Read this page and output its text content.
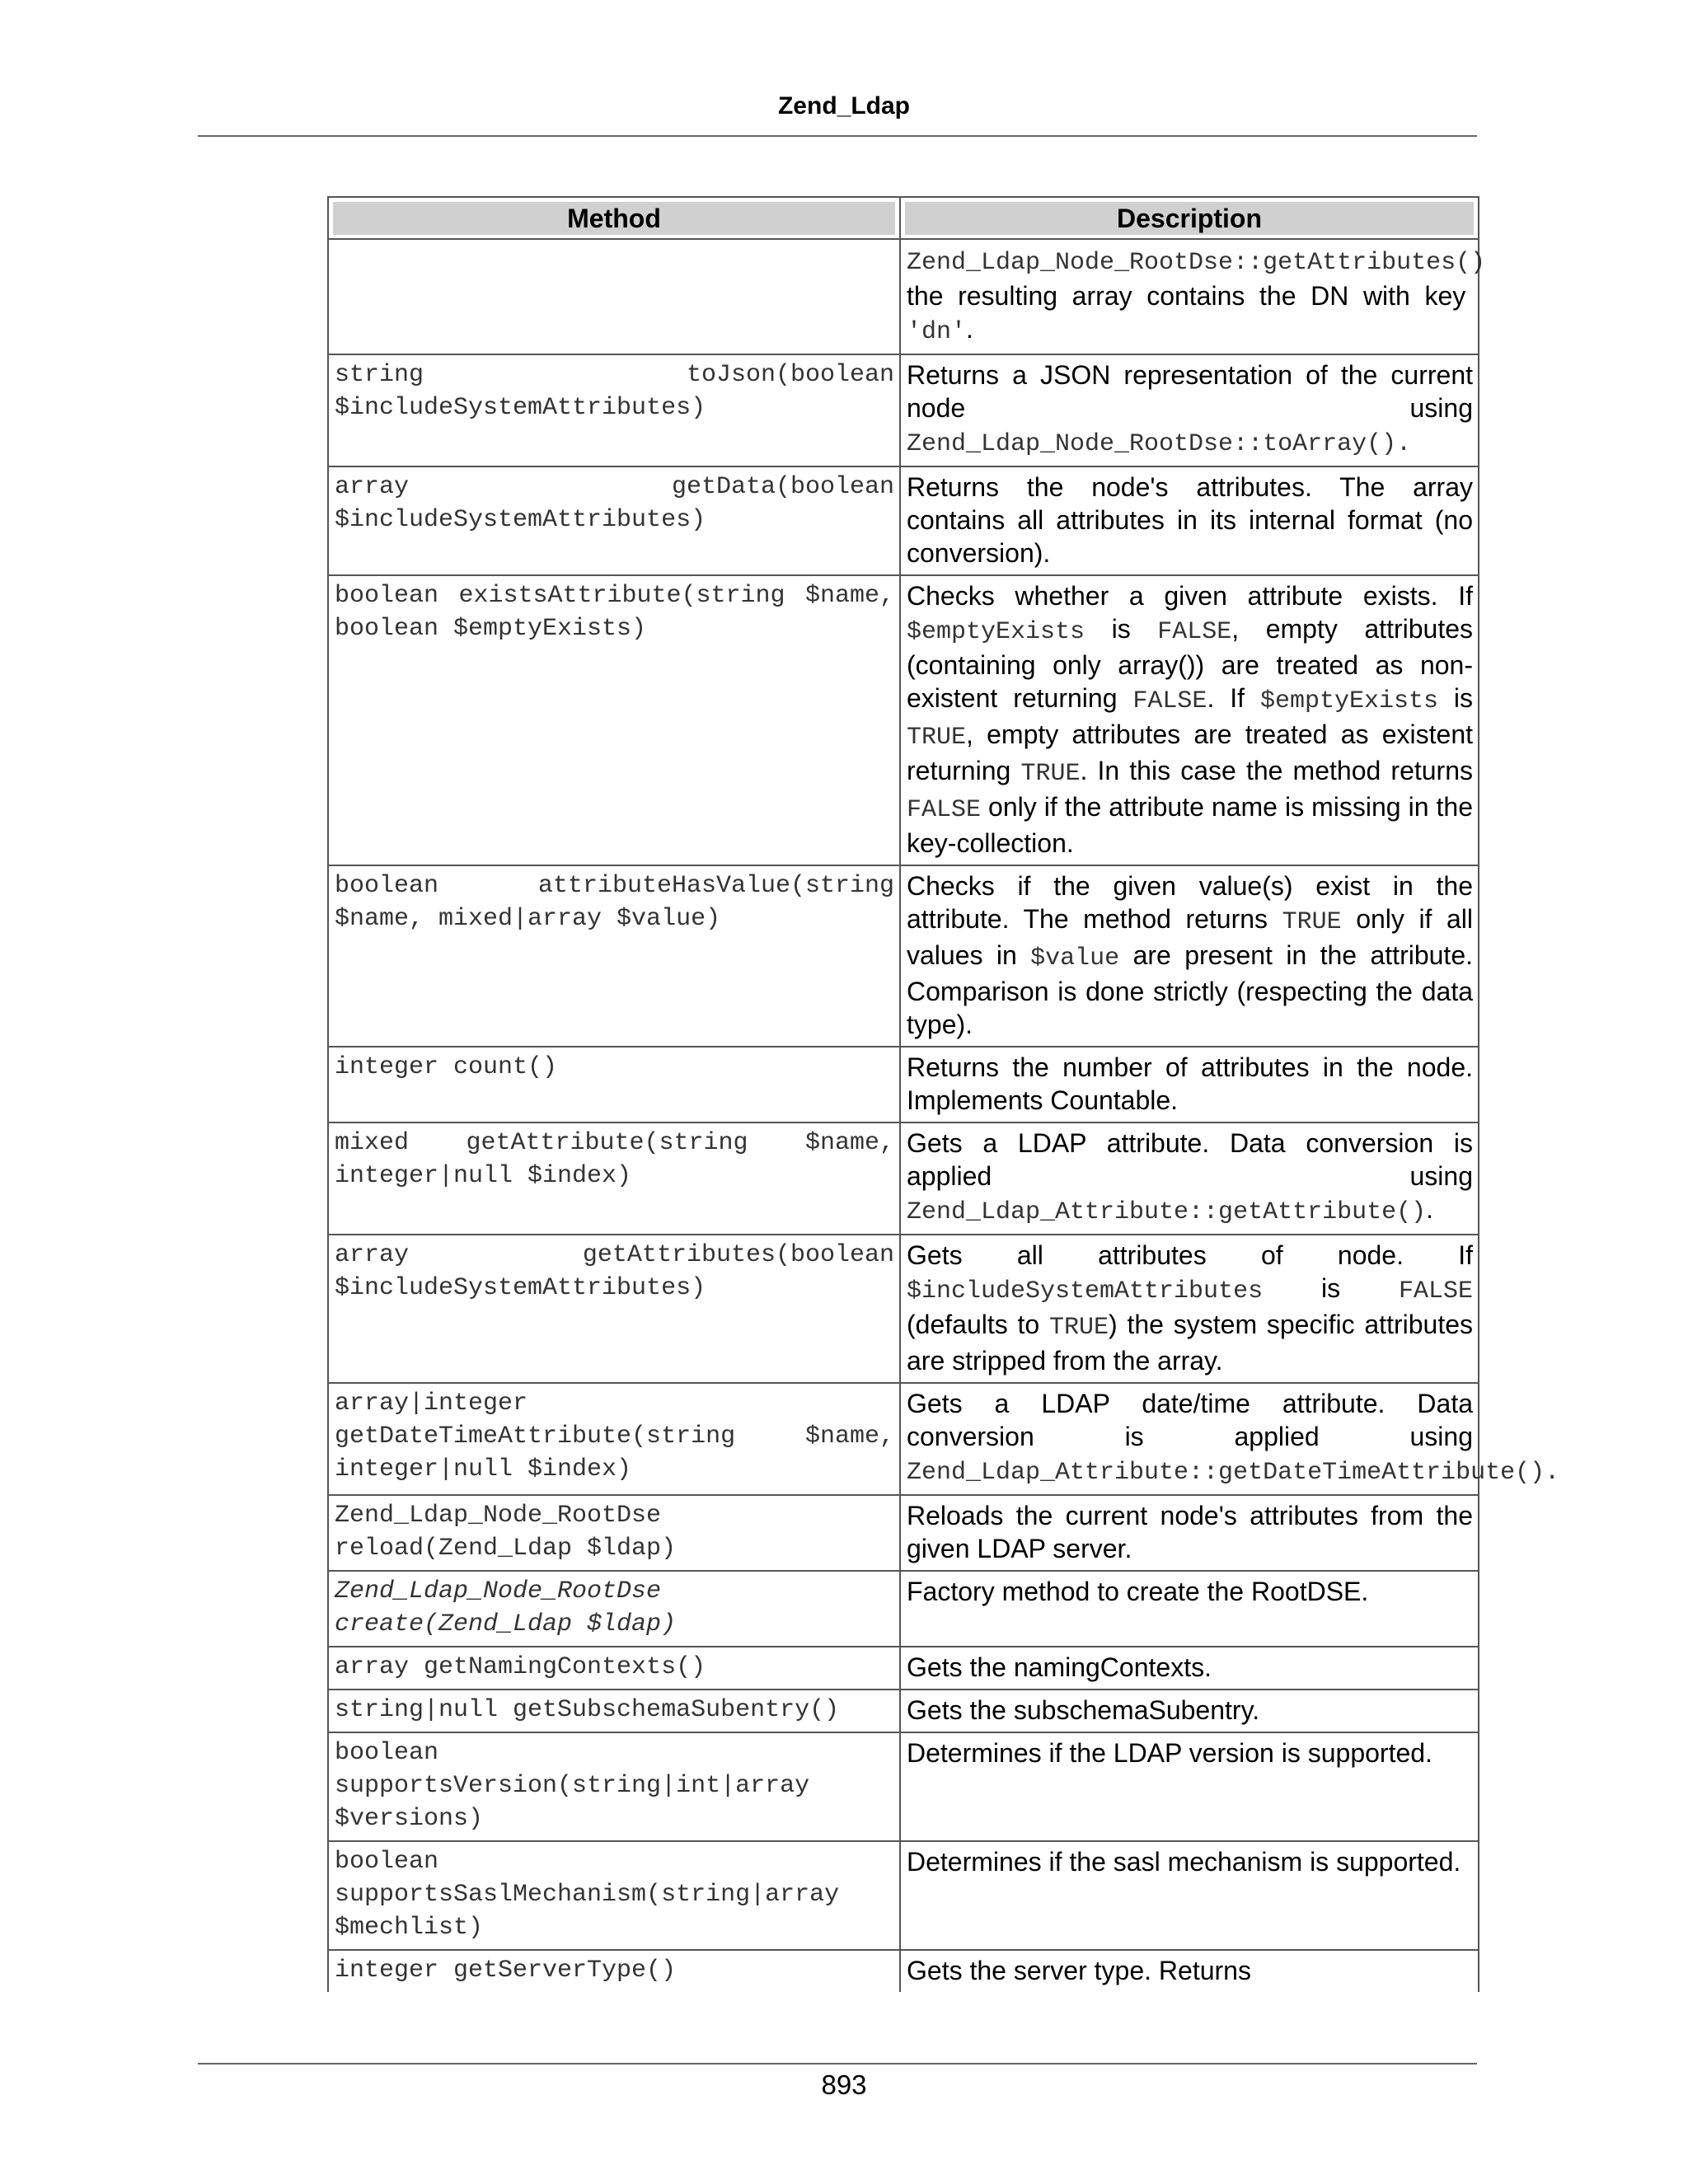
Zend_Ldap
Method	Description

	Zend_Ldap_Node_RootDse::getAttributes() the resulting array contains the DN with key 'dn'.

string toJson(boolean $includeSystemAttributes)	Returns a JSON representation of the current node using Zend_Ldap_Node_RootDse::toArray().

array getData(boolean $includeSystemAttributes)	Returns the node's attributes. The array contains all attributes in its internal format (no conversion).

boolean existsAttribute(string $name, boolean $emptyExists)	Checks whether a given attribute exists. If $emptyExists is FALSE, empty attributes (containing only array()) are treated as non-existent returning FALSE. If $emptyExists is TRUE, empty attributes are treated as existent returning TRUE. In this case the method returns FALSE only if the attribute name is missing in the key-collection.

boolean attributeHasValue(string $name, mixed|array $value)	Checks if the given value(s) exist in the attribute. The method returns TRUE only if all values in $value are present in the attribute. Comparison is done strictly (respecting the data type).

integer count()	Returns the number of attributes in the node. Implements Countable.

mixed getAttribute(string $name, integer|null $index)	Gets a LDAP attribute. Data conversion is applied using Zend_Ldap_Attribute::getAttribute().

array getAttributes(boolean $includeSystemAttributes)	Gets all attributes of node. If $includeSystemAttributes is FALSE (defaults to TRUE) the system specific attributes are stripped from the array.

array|integer getDateTimeAttribute(string $name, integer|null $index)	Gets a LDAP date/time attribute. Data conversion is applied using Zend_Ldap_Attribute::getDateTimeAttribute().

Zend_Ldap_Node_RootDse reload(Zend_Ldap $ldap)	Reloads the current node's attributes from the given LDAP server.

Zend_Ldap_Node_RootDse create(Zend_Ldap $ldap)	Factory method to create the RootDSE.

array getNamingContexts()	Gets the namingContexts.

string|null getSubschemaSubentry()	Gets the subschemaSubentry.

boolean supportsVersion(string|int|array $versions)	Determines if the LDAP version is supported.

boolean supportsSaslMechanism(string|array $mechlist)	Determines if the sasl mechanism is supported.

integer getServerType()	Gets the server type. Returns
893
